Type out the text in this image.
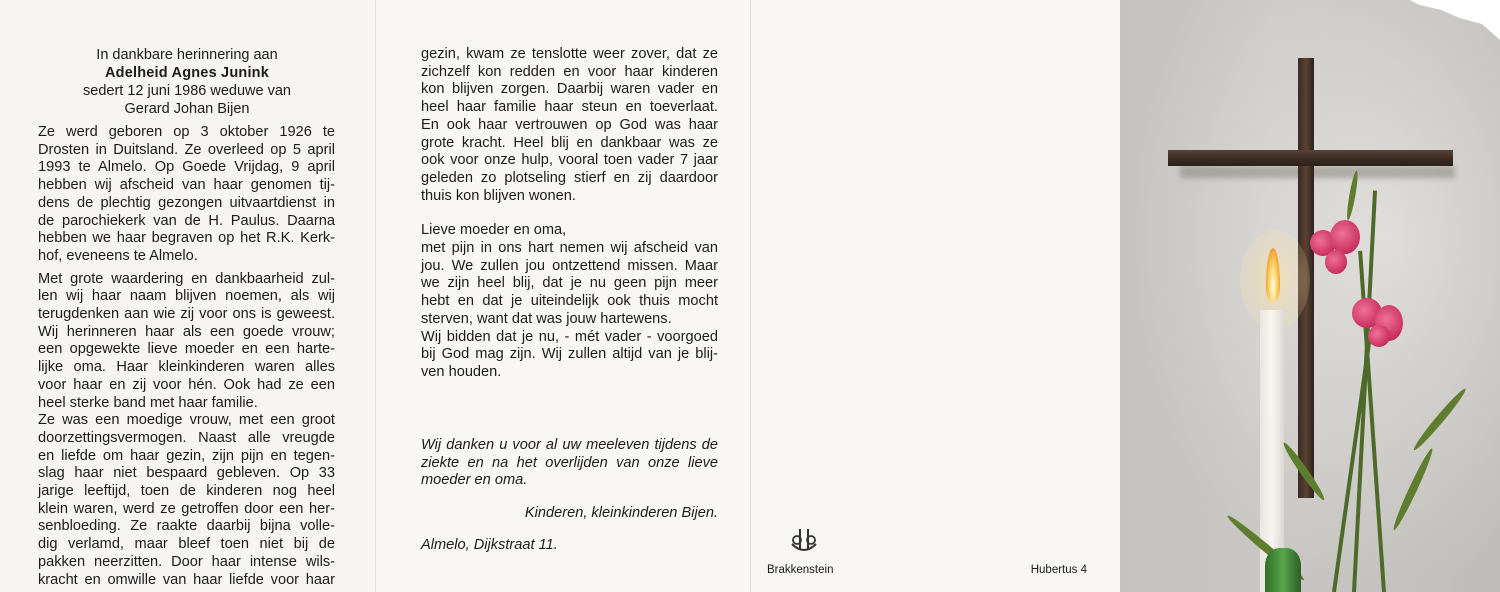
In dankbare herinnering aan
Adelheid Agnes Junink
sedert 12 juni 1986 weduwe van
Gerard Johan Bijen

Ze werd geboren op 3 oktober 1926 te
Drosten in Duitsland. Ze overleed op 5 april
1993 te Almelo. Op Goede Vrijdag, 9 april
hebben wij afscheid van haar genomen tij-
dens de plechtig gezongen uitvaartdienst in
de parochiekerk van de H. Paulus. Daarna
hebben we haar begraven op het R.K. Kerk-
hof, eveneens te Almelo.

Met grote waardering en dankbaarheid zul-
len wij haar naam blijven noemen, als wij
terugdenken aan wie zij voor ons is geweest.
Wij herinneren haar als een goede vrouw;
een opgewekte lieve moeder en een harte-
lijke oma. Haar kleinkinderen waren alles
voor haar en zij voor hén. Ook had ze een
heel sterke band met haar familie.
Ze was een moedige vrouw, met een groot
doorzettingsvermogen. Naast alle vreugde
en liefde om haar gezin, zijn pijn en tegen-
slag haar niet bespaard gebleven. Op 33
jarige leeftijd, toen de kinderen nog heel
klein waren, werd ze getroffen door een her-
senbloeding. Ze raakte daarbij bijna volle-
dig verlamd, maar bleef toen niet bij de
pakken neerzitten. Door haar intense wils-
kracht en omwille van haar liefde voor haar

gezin, kwam ze tenslotte weer zover, dat ze
zichzelf kon redden en voor haar kinderen
kon blijven zorgen. Daarbij waren vader en
heel haar familie haar steun en toeverlaat.
En ook haar vertrouwen op God was haar
grote kracht. Heel blij en dankbaar was ze
ook voor onze hulp, vooral toen vader 7 jaar
geleden zo plotseling stierf en zij daardoor
thuis kon blijven wonen.

Lieve moeder en oma,
met pijn in ons hart nemen wij afscheid van
jou. We zullen jou ontzettend missen. Maar
we zijn heel blij, dat je nu geen pijn meer
hebt en dat je uiteindelijk ook thuis mocht
sterven, want dat was jouw hartewens.
Wij bidden dat je nu, - mét vader - voorgoed
bij God mag zijn. Wij zullen altijd van je blij-
ven houden.

Wij danken u voor al uw meeleven tijdens de
ziekte en na het overlijden van onze lieve
moeder en oma.
Kinderen, kleinkinderen Bijen.
Almelo, Dijkstraat 11.
Brakkenstein	Hubertus 4
